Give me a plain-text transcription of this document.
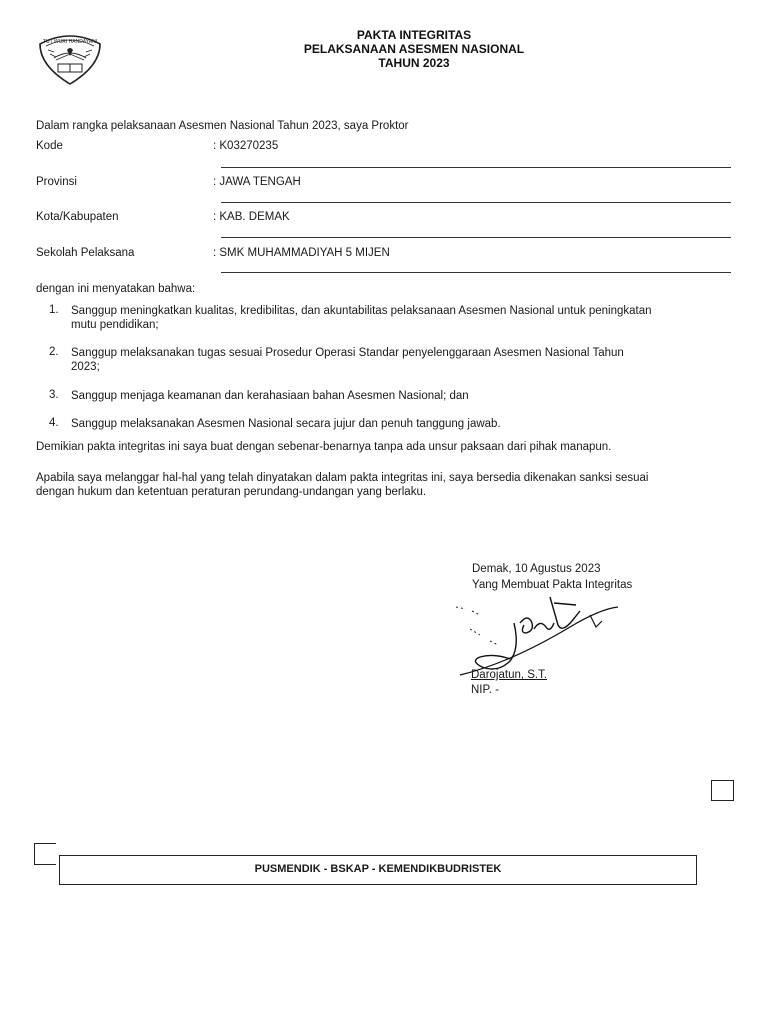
TUT WURI HANDAYANI	PAKTA INTEGRITAS
PELAKSANAAN ASESMEN NASIONAL
TAHUN 2023
Dalam rangka pelaksanaan Asesmen Nasional Tahun 2023, saya Proktor
Kode	: K03270235
Provinsi	: JAWA TENGAH
Kota/Kabupaten	: KAB. DEMAK
Sekolah Pelaksana	: SMK MUHAMMADIYAH 5 MIJEN
dengan ini menyatakan bahwa:
1. Sanggup meningkatkan kualitas, kredibilitas, dan akuntabilitas pelaksanaan Asesmen Nasional untuk peningkatan
mutu pendidikan;
2. Sanggup melaksanakan tugas sesuai Prosedur Operasi Standar penyelenggaraan Asesmen Nasional Tahun
2023;
3. Sanggup menjaga keamanan dan kerahasiaan bahan Asesmen Nasional; dan
4. Sanggup melaksanakan Asesmen Nasional secara jujur dan penuh tanggung jawab.
Demikian pakta integritas ini saya buat dengan sebenar-benarnya tanpa ada unsur paksaan dari pihak manapun.
Apabila saya melanggar hal-hal yang telah dinyatakan dalam pakta integritas ini, saya bersedia dikenakan sanksi sesuai
dengan hukum dan ketentuan peraturan perundang-undangan yang berlaku.
Demak, 10 Agustus 2023
Yang Membuat Pakta Integritas
Darojatun, S.T.
NIP. -
PUSMENDIK - BSKAP - KEMENDIKBUDRISTEK
